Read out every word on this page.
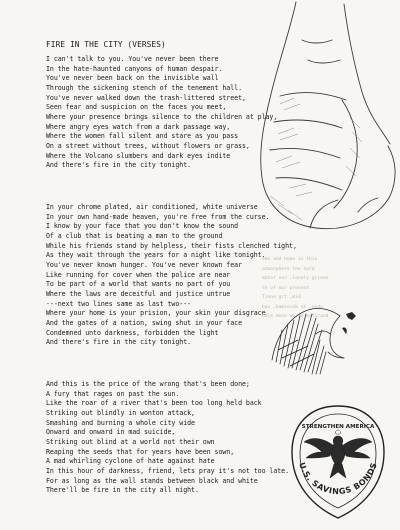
FIRE IN THE CITY (VERSES)
I can't talk to you. You've never been there
In the hate-haunted canyons of human despair.
You've never been back on the invisible wall
Through the sickening stench of the tenement hall.
You've never walked down the trash-littered street,
Seen fear and suspicion on the faces you meet,
Where your presence brings silence to the children at play,
Where angry eyes watch from a dark passage way,
Where the women fall silent and stare as you pass
On a street without trees, without flowers or grass,
Where the Volcano slumbers and dark eyes indite
And there's fire in the city tonight.
In your chrome plated, air conditioned, white universe
In your own hand-made heaven, you're free from the curse.
I know by your face that you don't know the sound
Of a club that is beating a man to the ground
While his friends stand by helpless, their fists clenched tight,
As they wait through the years for a night like tonight.
You've never known hunger. You've never known fear
Like running for cover when the police are near
To be part of a world that wants no part of you
Where the laws are deceitful and justice untrue
---next two lines same as last two---
Where your home is your prision, your skin your disgrace
And the gates of a nation, swing shut in your face
Condemned unto darkness, forbidden the light
And there's fire in the city tonight.
And this is the price of the wrong that's been done;
A fury that rages on past the sun.
Like the roar of a river that's been too long held back
Striking out blindly in wonton attack,
Smashing and burning a whole city wide
Onward and onward in mad suicide,
Striking out blind at a world not their own
Reaping the seeds that for years have been sown,
A mad whirling cyclone of hate against hate
In this hour of darkness, friend, lets pray it's not too late.
For as long as the wall stands between black and white
There'll be fire in the city all night.
emo and hope in this
atmosphere the hard
mater our ,lonely grieve
te of our present.
Tiene grt ,mid
bas ,bamioseb at ,cedu
cale mone on to entirand
STRENGTHEN AMERICA
U.S. SAVINGS BONDS
